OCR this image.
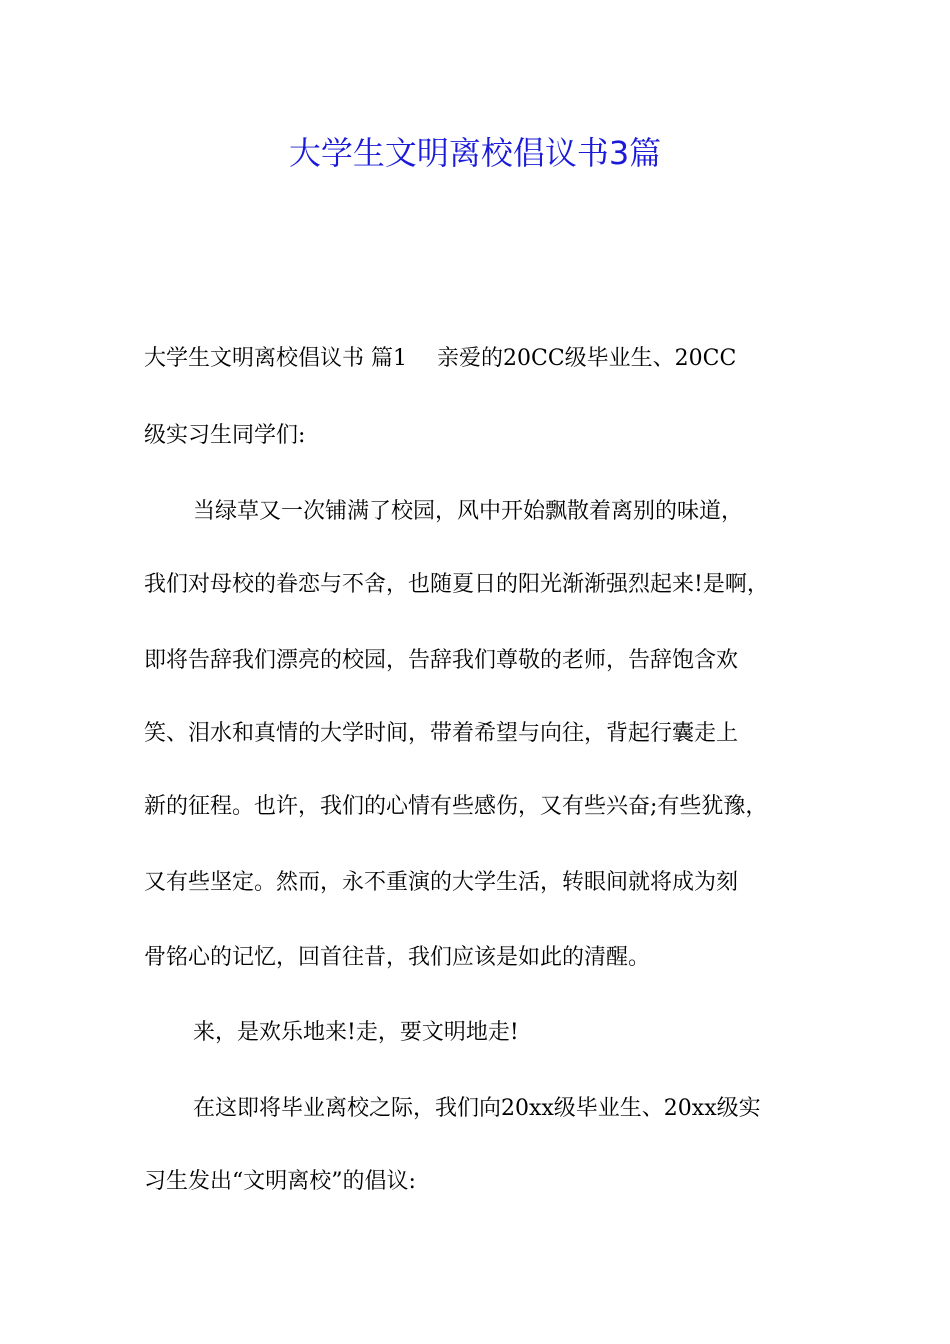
大学生文明离校倡议书3篇

大学生文明离校倡议书 篇1 亲爱的20CC级毕业生、20CC

级实习生同学们:

当绿草又一次铺满了校园，风中开始飘散着离别的味道，

我们对母校的眷恋与不舍，也随夏日的阳光渐渐强烈起来!是啊，

即将告辞我们漂亮的校园，告辞我们尊敬的老师，告辞饱含欢

笑、泪水和真情的大学时间，带着希望与向往，背起行囊走上

新的征程。也许，我们的心情有些感伤，又有些兴奋;有些犹豫，

又有些坚定。然而，永不重演的大学生活，转眼间就将成为刻

骨铭心的记忆，回首往昔，我们应该是如此的清醒。

来，是欢乐地来!走，要文明地走!

在这即将毕业离校之际，我们向20xx级毕业生、20xx级实

习生发出“文明离校”的倡议:
